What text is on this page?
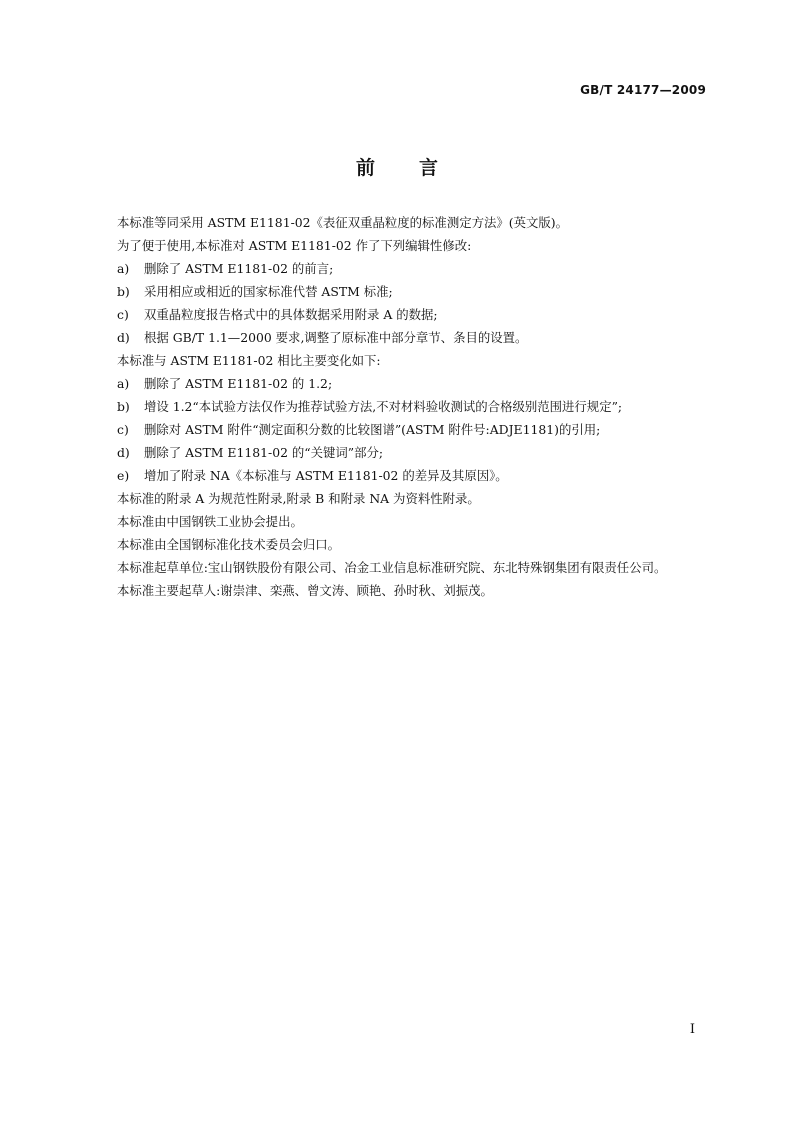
GB/T 24177—2009
前言

本标准等同采用 ASTM E1181-02《表征双重晶粒度的标准测定方法》(英文版)。

为了便于使用,本标准对 ASTM E1181-02 作了下列编辑性修改:

a) 删除了 ASTM E1181-02 的前言;

b) 采用相应或相近的国家标准代替 ASTM 标准;

c) 双重晶粒度报告格式中的具体数据采用附录 A 的数据;

d) 根据 GB/T 1.1—2000 要求,调整了原标准中部分章节、条目的设置。

本标准与 ASTM E1181-02 相比主要变化如下:

a) 删除了 ASTM E1181-02 的 1.2;

b) 增设 1.2“本试验方法仅作为推荐试验方法,不对材料验收测试的合格级别范围进行规定”;

c) 删除对 ASTM 附件“测定面积分数的比较图谱”(ASTM 附件号:ADJE1181)的引用;

d) 删除了 ASTM E1181-02 的“关键词”部分;

e) 增加了附录 NA《本标准与 ASTM E1181-02 的差异及其原因》。

本标准的附录 A 为规范性附录,附录 B 和附录 NA 为资料性附录。

本标准由中国钢铁工业协会提出。

本标准由全国钢标准化技术委员会归口。

本标准起草单位:宝山钢铁股份有限公司、冶金工业信息标准研究院、东北特殊钢集团有限责任公司。

本标准主要起草人:谢崇津、栾燕、曾文涛、顾艳、孙时秋、刘振茂。

I
